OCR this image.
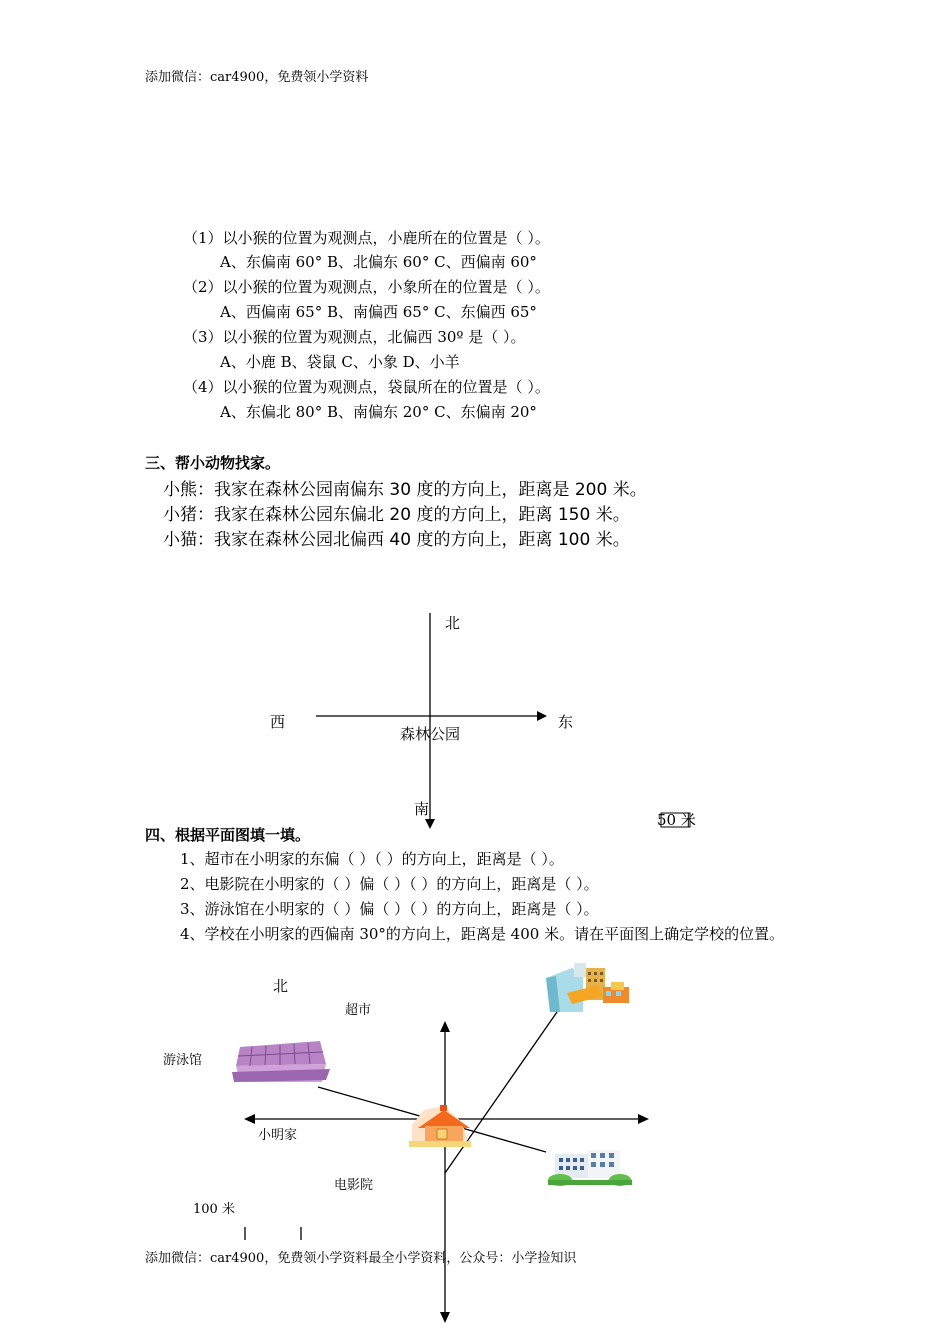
添加微信：car4900，免费领小学资料
（1）以小猴的位置为观测点，小鹿所在的位置是（ ）。
A、东偏南 60° B、北偏东 60° C、西偏南 60°
（2）以小猴的位置为观测点，小象所在的位置是（ ）。
A、西偏南 65° B、南偏西 65° C、东偏西 65°
（3）以小猴的位置为观测点，北偏西 30º 是（ ）。
A、小鹿 B、袋鼠 C、小象 D、小羊
（4）以小猴的位置为观测点，袋鼠所在的位置是（ ）。
A、东偏北 80° B、南偏东 20° C、东偏南 20°
三、帮小动物找家。
小熊：我家在森林公园南偏东 30 度的方向上，距离是 200 米。
小猪：我家在森林公园东偏北 20 度的方向上，距离 150 米。
小猫：我家在森林公园北偏西 40 度的方向上，距离 100 米。
北
西	东
森林公园
南
50 米
四、根据平面图填一填。
1、超市在小明家的东偏（ ）（ ）的方向上，距离是（ ）。
2、电影院在小明家的（ ）偏（ ）（ ）的方向上，距离是（ ）。
3、游泳馆在小明家的（ ）偏（ ）（ ）的方向上，距离是（ ）。
4、学校在小明家的西偏南 30°的方向上，距离是 400 米。请在平面图上确定学校的位置。
北
超市
游泳馆
小明家
电影院
100 米
添加微信：car4900，免费领小学资料最全小学资料，公众号：小学捡知识
